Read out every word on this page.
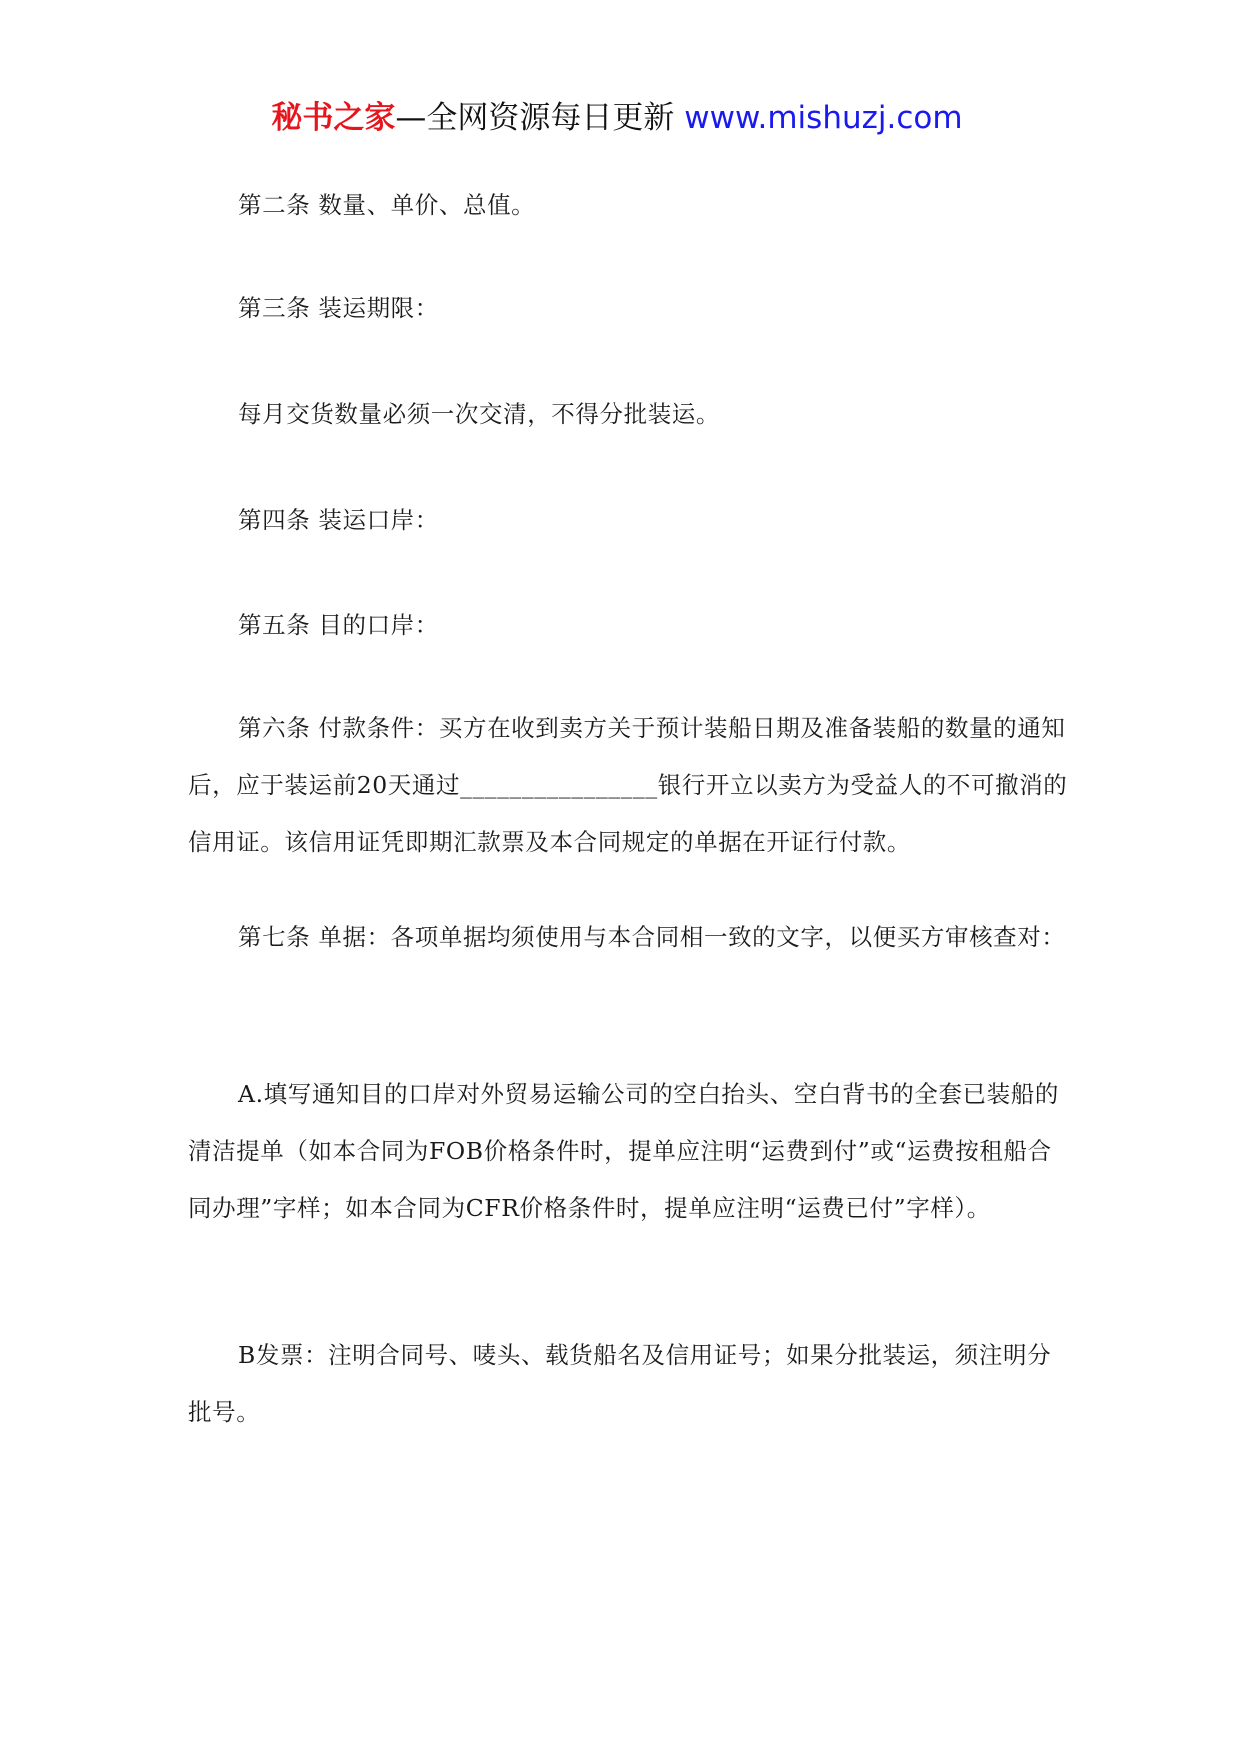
秘书之家—全网资源每日更新 www.mishuzj.com

第二条 数量、单价、总值。

第三条 装运期限：

每月交货数量必须一次交清，不得分批装运。

第四条 装运口岸：

第五条 目的口岸：

第六条 付款条件：买方在收到卖方关于预计装船日期及准备装船的数量的通知后，应于装运前20天通过________________银行开立以卖方为受益人的不可撤消的信用证。该信用证凭即期汇款票及本合同规定的单据在开证行付款。

第七条 单据：各项单据均须使用与本合同相一致的文字，以便买方审核查对：

A.填写通知目的口岸对外贸易运输公司的空白抬头、空白背书的全套已装船的清洁提单（如本合同为FOB价格条件时，提单应注明“运费到付”或“运费按租船合同办理”字样；如本合同为CFR价格条件时，提单应注明“运费已付”字样）。

B发票：注明合同号、唛头、载货船名及信用证号；如果分批装运，须注明分批号。
